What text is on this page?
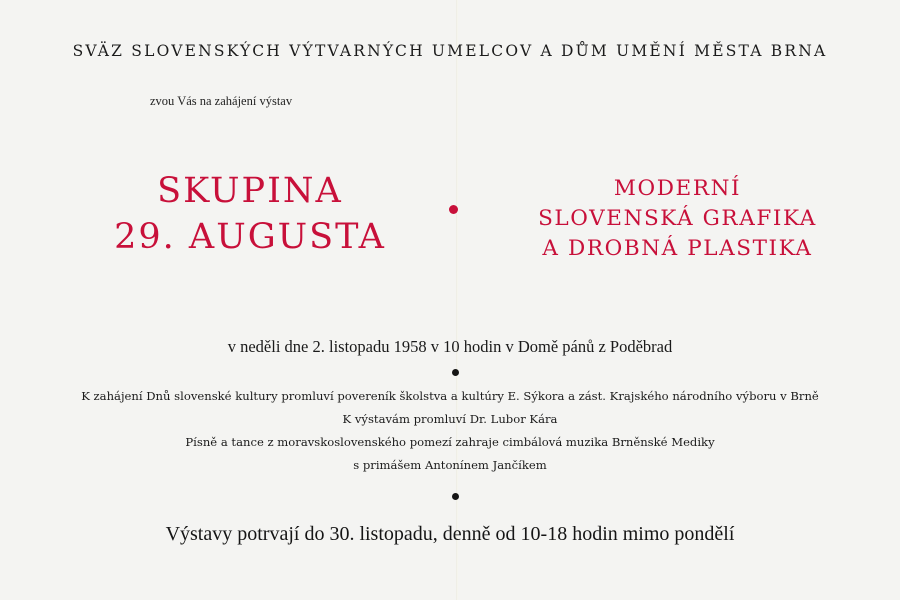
SVÄZ SLOVENSKÝCH VÝTVARNÝCH UMELCOV A DŮM UMĚNÍ MĚSTA BRNA
zvou Vás na zahájení výstav
SKUPINA
29. AUGUSTA
MODERNÍ
SLOVENSKÁ GRAFIKA
A DROBNÁ PLASTIKA
v neděli dne 2. listopadu 1958 v 10 hodin v Domě pánů z Poděbrad
K zahájení Dnů slovenské kultury promluví povereník školstva a kultúry E. Sýkora a zást. Krajského národního výboru v Brně
K výstavám promluví Dr. Lubor Kára
Písně a tance z moravskoslovenského pomezí zahraje cimbálová muzika Brněnské Mediky
s primášem Antonínem Jančíkem
Výstavy potrvají do 30. listopadu, denně od 10-18 hodin mimo pondělí
